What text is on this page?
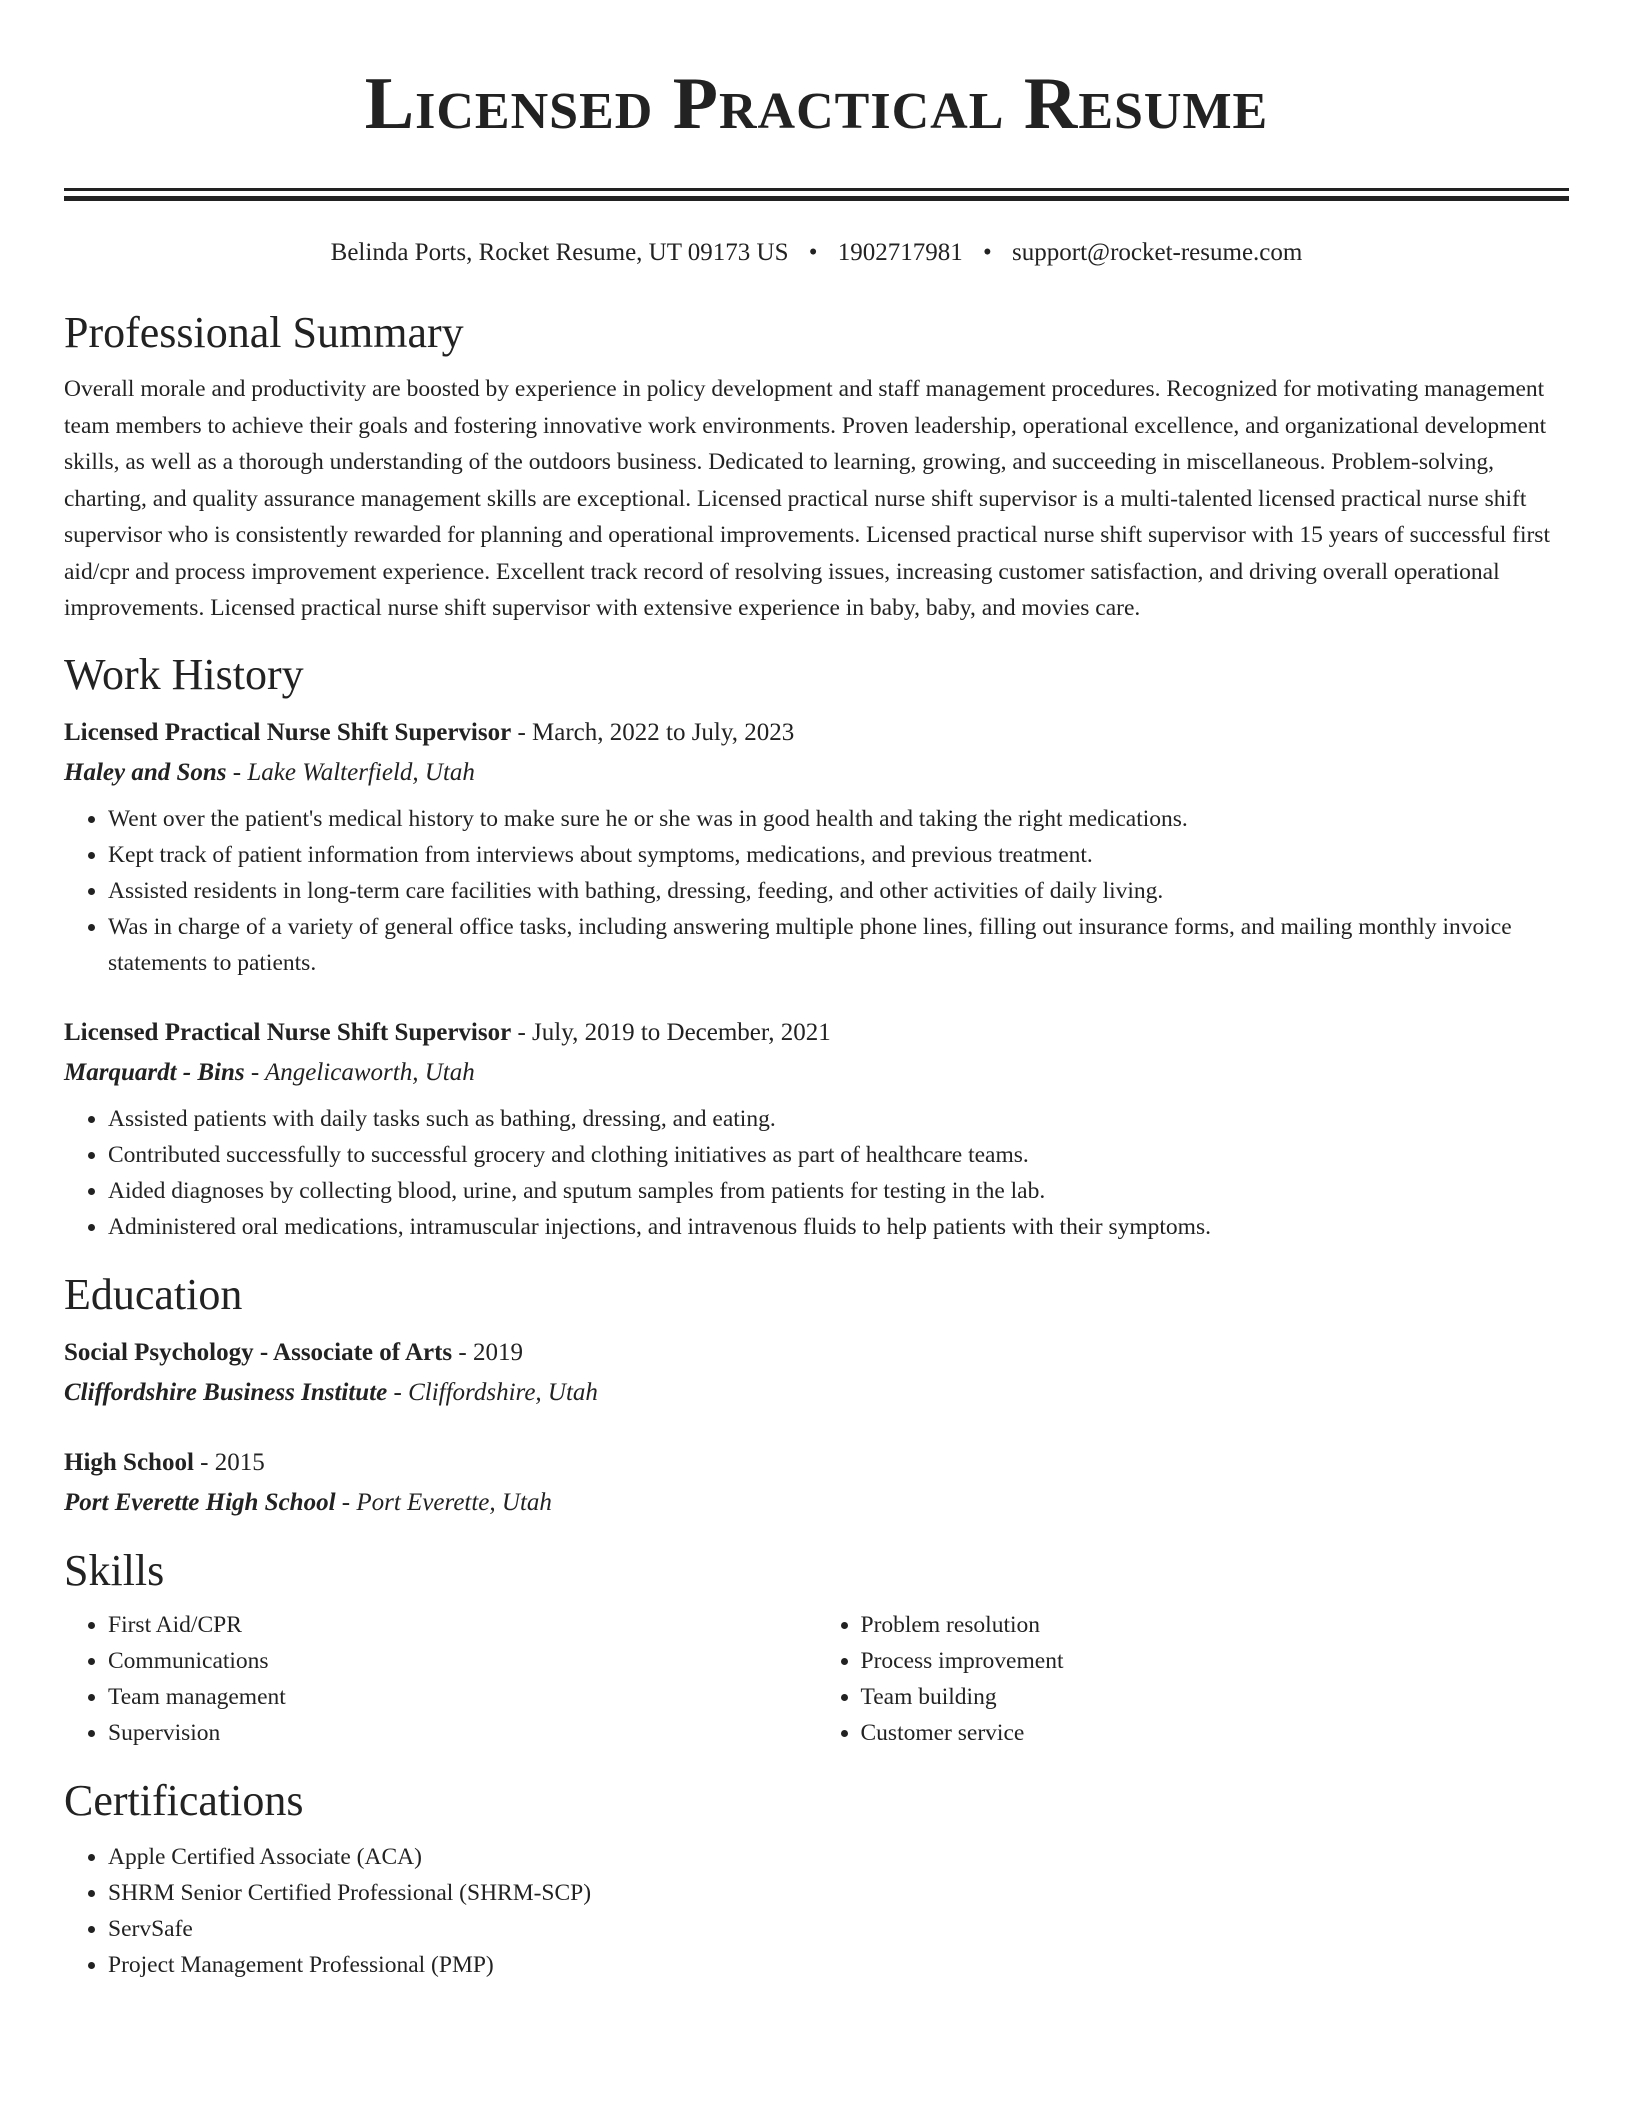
Licensed Practical Resume
Belinda Ports, Rocket Resume, UT 09173 US • 1902717981 • support@rocket-resume.com
Professional Summary

Overall morale and productivity are boosted by experience in policy development and staff management procedures. Recognized for motivating management team members to achieve their goals and fostering innovative work environments. Proven leadership, operational excellence, and organizational development skills, as well as a thorough understanding of the outdoors business. Dedicated to learning, growing, and succeeding in miscellaneous. Problem-solving, charting, and quality assurance management skills are exceptional. Licensed practical nurse shift supervisor is a multi-talented licensed practical nurse shift supervisor who is consistently rewarded for planning and operational improvements. Licensed practical nurse shift supervisor with 15 years of successful first aid/cpr and process improvement experience. Excellent track record of resolving issues, increasing customer satisfaction, and driving overall operational improvements. Licensed practical nurse shift supervisor with extensive experience in baby, baby, and movies care.

Work History
Licensed Practical Nurse Shift Supervisor - March, 2022 to July, 2023
Haley and Sons - Lake Walterfield, Utah
• Went over the patient's medical history to make sure he or she was in good health and taking the right medications.
• Kept track of patient information from interviews about symptoms, medications, and previous treatment.
• Assisted residents in long-term care facilities with bathing, dressing, feeding, and other activities of daily living.
• Was in charge of a variety of general office tasks, including answering multiple phone lines, filling out insurance forms, and mailing monthly invoice statements to patients.
Licensed Practical Nurse Shift Supervisor - July, 2019 to December, 2021
Marquardt - Bins - Angelicaworth, Utah
• Assisted patients with daily tasks such as bathing, dressing, and eating.
• Contributed successfully to successful grocery and clothing initiatives as part of healthcare teams.
• Aided diagnoses by collecting blood, urine, and sputum samples from patients for testing in the lab.
• Administered oral medications, intramuscular injections, and intravenous fluids to help patients with their symptoms.
Education
Social Psychology - Associate of Arts - 2019
Cliffordshire Business Institute - Cliffordshire, Utah
High School - 2015
Port Everette High School - Port Everette, Utah
Skills
• First Aid/CPR
• Communications
• Team management
• Supervision
• Problem resolution
• Process improvement
• Team building
• Customer service
Certifications
• Apple Certified Associate (ACA)
• SHRM Senior Certified Professional (SHRM-SCP)
• ServSafe
• Project Management Professional (PMP)
